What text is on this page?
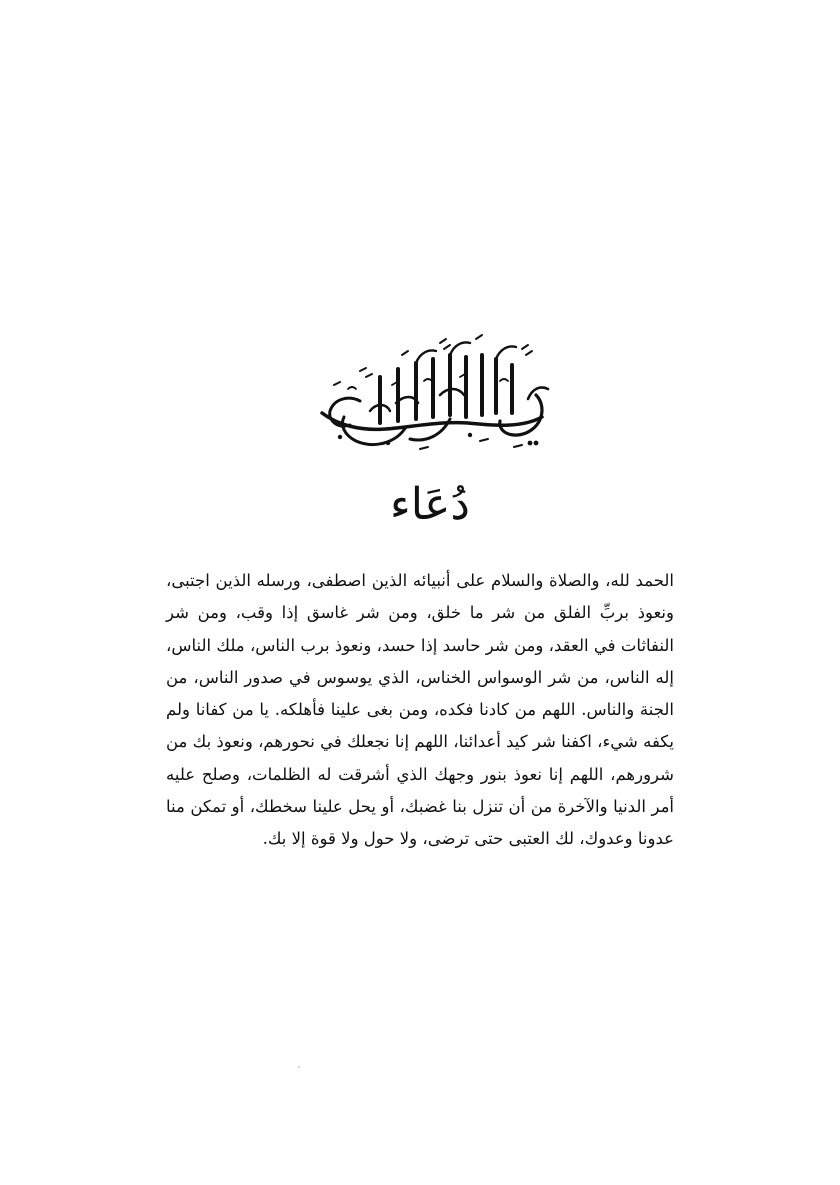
دُعَاء

الحمد لله، والصلاة والسلام على أنبيائه الذين اصطفى، ورسله الذين اجتبى، ونعوذ بربِّ الفلق من شر ما خلق، ومن شر غاسق إذا وقب، ومن شر النفاثات في العقد، ومن شر حاسد إذا حسد، ونعوذ برب الناس، ملك الناس، إله الناس، من شر الوسواس الخناس، الذي يوسوس في صدور الناس، من الجنة والناس. اللهم من كادنا فكده، ومن بغى علينا فأهلكه. يا من كفانا ولم يكفه شيء، اكفنا شر كيد أعدائنا، اللهم إنا نجعلك في نحورهم، ونعوذ بك من شرورهم، اللهم إنا نعوذ بنور وجهك الذي أشرقت له الظلمات، وصلح عليه أمر الدنيا والآخرة من أن تنزل بنا غضبك، أو يحل علينا سخطك، أو تمكن منا عدونا وعدوك، لك العتبى حتى ترضى، ولا حول ولا قوة إلا بك.
